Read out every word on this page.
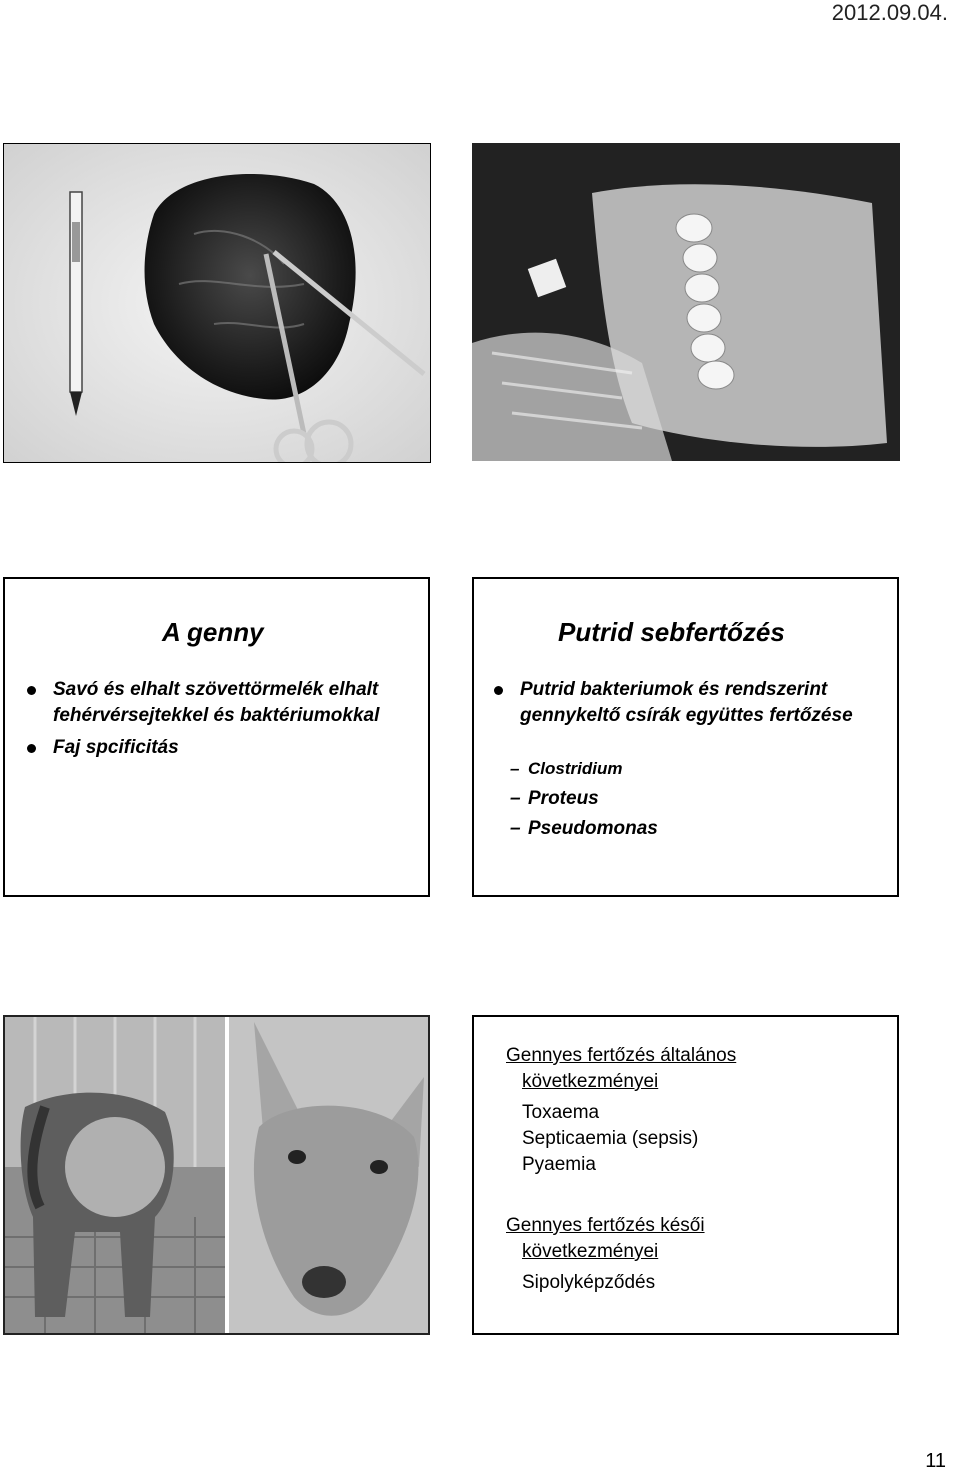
2012.09.04.
A genny
Savó és elhalt szövettörmelék elhalt fehérvérsejtekkel és baktériumokkal
Faj spcificitás
Putrid sebfertőzés
Putrid bakteriumok és rendszerint gennykeltő csírák együttes fertőzése
– Clostridium
– Proteus
– Pseudomonas
Gennyes fertőzés általános
következményei
Toxaema
Septicaemia (sepsis)
Pyaemia
Gennyes fertőzés késői
következményei
Sipolyképződés
11
